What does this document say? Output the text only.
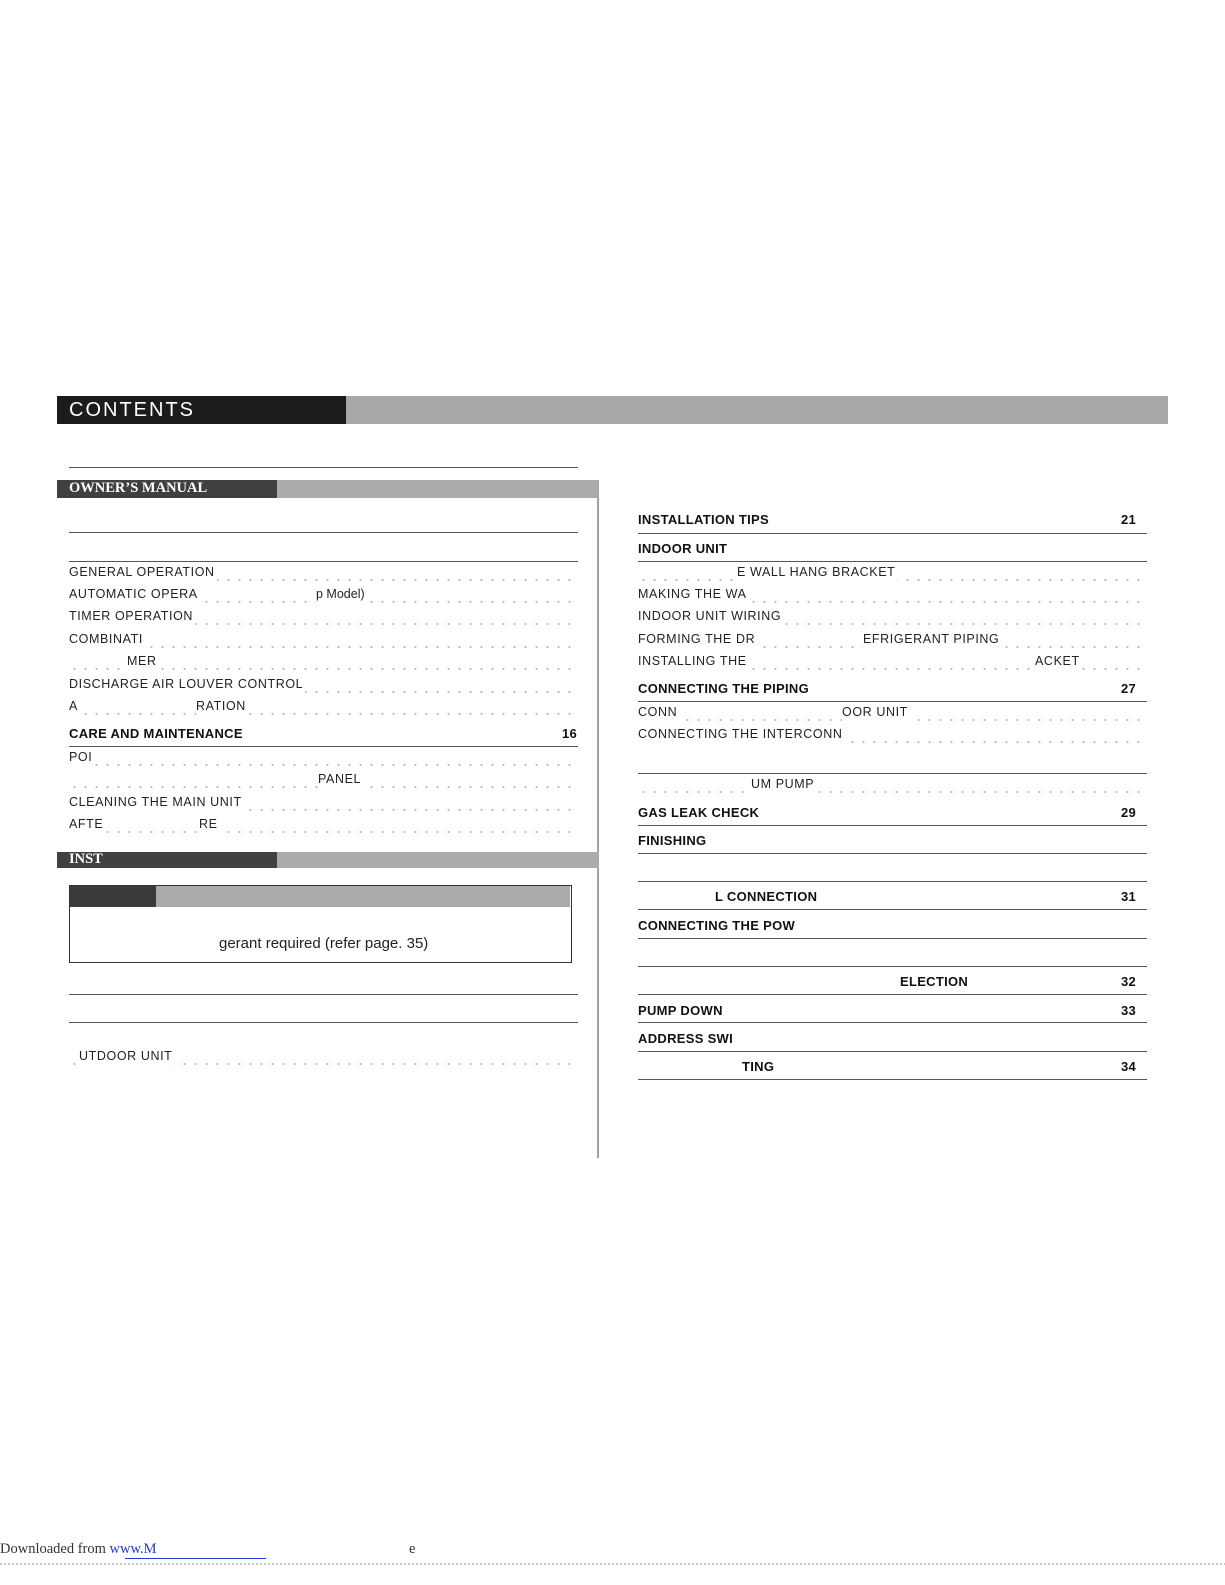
CONTENTS
OWNER’S MANUAL
GENERAL OPERATION
AUTOMATIC OPERA	p Model)
TIMER OPERATION
COMBINATI
MER
DISCHARGE AIR LOUVER CONTROL
A	RATION
CARE AND MAINTENANCE	16
POI
PANEL
CLEANING THE MAIN UNIT
AFTE	RE
INST
gerant required (refer page. 35)
UTDOOR UNIT
INSTALLATION TIPS	21
INDOOR UNIT
E WALL HANG BRACKET
MAKING THE WA
INDOOR UNIT WIRING
FORMING THE DR	EFRIGERANT PIPING
INSTALLING THE	ACKET
CONNECTING THE PIPING	27
CONN	OOR UNIT
CONNECTING THE INTERCONN
UM PUMP
GAS LEAK CHECK	29
FINISHING
L CONNECTION	31
CONNECTING THE POW
ELECTION	32
PUMP DOWN	33
ADDRESS SWI
TING	34
Downloaded from www.M	e
